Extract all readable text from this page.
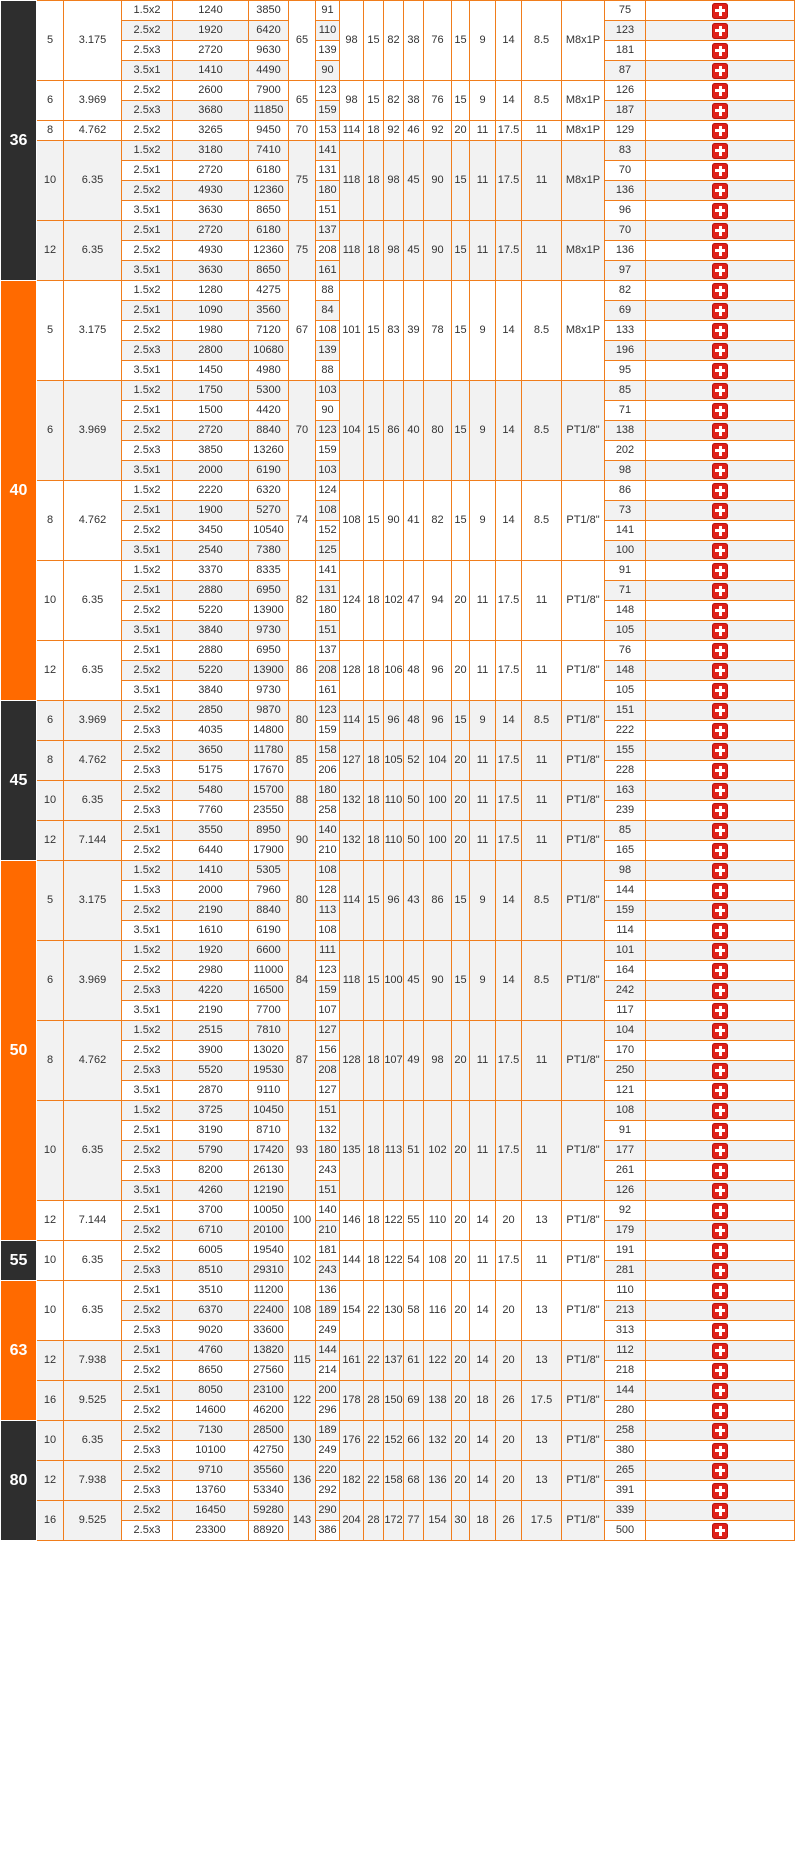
36	5	3.175	1.5x2	1240	3850	65	91	98	15	82	38	76	15	9	14	8.5	M8x1P	75	
			2.5x2	1920	6420		110											123	
			2.5x3	2720	9630		139											181	
			3.5x1	1410	4490		90											87	
	6	3.969	2.5x2	2600	7900	65	123	98	15	82	38	76	15	9	14	8.5	M8x1P	126	
			2.5x3	3680	11850		159											187	
	8	4.762	2.5x2	3265	9450	70	153	114	18	92	46	92	20	11	17.5	11	M8x1P	129	
	10	6.35	1.5x2	3180	7410	75	141	118	18	98	45	90	15	11	17.5	11	M8x1P	83	
			2.5x1	2720	6180		131											70	
			2.5x2	4930	12360		180											136	
			3.5x1	3630	8650		151											96	
	12	6.35	2.5x1	2720	6180	75	137	118	18	98	45	90	15	11	17.5	11	M8x1P	70	
			2.5x2	4930	12360		208											136	
			3.5x1	3630	8650		161											97	
40	5	3.175	1.5x2	1280	4275	67	88	101	15	83	39	78	15	9	14	8.5	M8x1P	82	
			2.5x1	1090	3560		84											69	
			2.5x2	1980	7120		108											133	
			2.5x3	2800	10680		139											196	
			3.5x1	1450	4980		88											95	
	6	3.969	1.5x2	1750	5300	70	103	104	15	86	40	80	15	9	14	8.5	PT1/8"	85	
			2.5x1	1500	4420		90											71	
			2.5x2	2720	8840		123											138	
			2.5x3	3850	13260		159											202	
			3.5x1	2000	6190		103											98	
	8	4.762	1.5x2	2220	6320	74	124	108	15	90	41	82	15	9	14	8.5	PT1/8"	86	
			2.5x1	1900	5270		108											73	
			2.5x2	3450	10540		152											141	
			3.5x1	2540	7380		125											100	
	10	6.35	1.5x2	3370	8335	82	141	124	18	102	47	94	20	11	17.5	11	PT1/8"	91	
			2.5x1	2880	6950		131											71	
			2.5x2	5220	13900		180											148	
			3.5x1	3840	9730		151											105	
	12	6.35	2.5x1	2880	6950	86	137	128	18	106	48	96	20	11	17.5	11	PT1/8"	76	
			2.5x2	5220	13900		208											148	
			3.5x1	3840	9730		161											105	
45	6	3.969	2.5x2	2850	9870	80	123	114	15	96	48	96	15	9	14	8.5	PT1/8"	151	
			2.5x3	4035	14800		159											222	
	8	4.762	2.5x2	3650	11780	85	158	127	18	105	52	104	20	11	17.5	11	PT1/8"	155	
			2.5x3	5175	17670		206											228	
	10	6.35	2.5x2	5480	15700	88	180	132	18	110	50	100	20	11	17.5	11	PT1/8"	163	
			2.5x3	7760	23550		258											239	
	12	7.144	2.5x1	3550	8950	90	140	132	18	110	50	100	20	11	17.5	11	PT1/8"	85	
			2.5x2	6440	17900		210											165	
50	5	3.175	1.5x2	1410	5305	80	108	114	15	96	43	86	15	9	14	8.5	PT1/8"	98	
			1.5x3	2000	7960		128											144	
			2.5x2	2190	8840		113											159	
			3.5x1	1610	6190		108											114	
	6	3.969	1.5x2	1920	6600	84	111	118	15	100	45	90	15	9	14	8.5	PT1/8"	101	
			2.5x2	2980	11000		123											164	
			2.5x3	4220	16500		159											242	
			3.5x1	2190	7700		107											117	
	8	4.762	1.5x2	2515	7810	87	127	128	18	107	49	98	20	11	17.5	11	PT1/8"	104	
			2.5x2	3900	13020		156											170	
			2.5x3	5520	19530		208											250	
			3.5x1	2870	9110		127											121	
	10	6.35	1.5x2	3725	10450	93	151	135	18	113	51	102	20	11	17.5	11	PT1/8"	108	
			2.5x1	3190	8710		132											91	
			2.5x2	5790	17420		180											177	
			2.5x3	8200	26130		243											261	
			3.5x1	4260	12190		151											126	
	12	7.144	2.5x1	3700	10050	100	140	146	18	122	55	110	20	14	20	13	PT1/8"	92	
			2.5x2	6710	20100		210											179	
55	10	6.35	2.5x2	6005	19540	102	181	144	18	122	54	108	20	11	17.5	11	PT1/8"	191	
			2.5x3	8510	29310		243											281	
63	10	6.35	2.5x1	3510	11200	108	136	154	22	130	58	116	20	14	20	13	PT1/8"	110	
			2.5x2	6370	22400		189											213	
			2.5x3	9020	33600		249											313	
	12	7.938	2.5x1	4760	13820	115	144	161	22	137	61	122	20	14	20	13	PT1/8"	112	
			2.5x2	8650	27560		214											218	
	16	9.525	2.5x1	8050	23100	122	200	178	28	150	69	138	20	18	26	17.5	PT1/8"	144	
			2.5x2	14600	46200		296											280	
80	10	6.35	2.5x2	7130	28500	130	189	176	22	152	66	132	20	14	20	13	PT1/8"	258	
			2.5x3	10100	42750		249											380	
	12	7.938	2.5x2	9710	35560	136	220	182	22	158	68	136	20	14	20	13	PT1/8"	265	
			2.5x3	13760	53340		292											391	
	16	9.525	2.5x2	16450	59280	143	290	204	28	172	77	154	30	18	26	17.5	PT1/8"	339	
			2.5x3	23300	88920		386											500	
